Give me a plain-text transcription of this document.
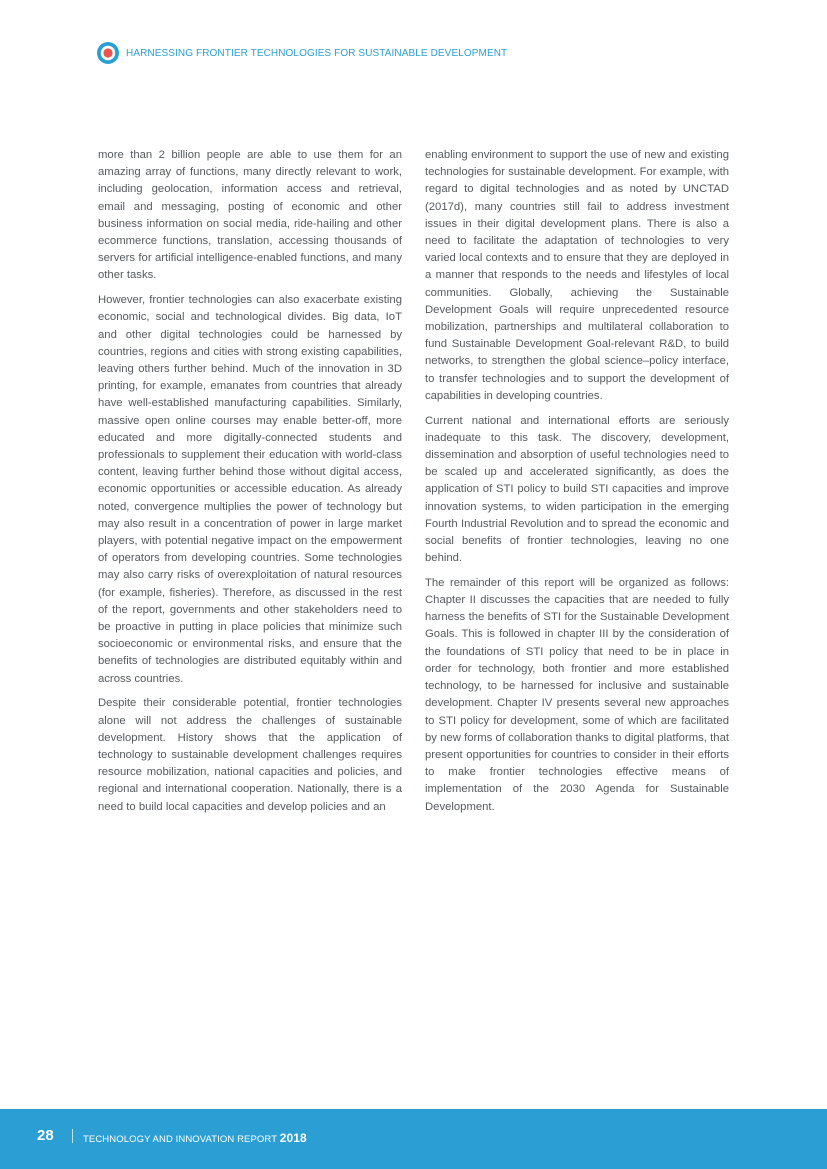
HARNESSING FRONTIER TECHNOLOGIES FOR SUSTAINABLE DEVELOPMENT

more than 2 billion people are able to use them for an amazing array of functions, many directly relevant to work, including geolocation, information access and retrieval, email and messaging, posting of economic and other business information on social media, ride-hailing and other ecommerce functions, translation, accessing thousands of servers for artificial intelligence-enabled functions, and many other tasks.

However, frontier technologies can also exacerbate existing economic, social and technological divides. Big data, IoT and other digital technologies could be harnessed by countries, regions and cities with strong existing capabilities, leaving others further behind. Much of the innovation in 3D printing, for example, emanates from countries that already have well-established manufacturing capabilities. Similarly, massive open online courses may enable better-off, more educated and more digitally-connected students and professionals to supplement their education with world-class content, leaving further behind those without digital access, economic opportunities or accessible education. As already noted, convergence multiplies the power of technology but may also result in a concentration of power in large market players, with potential negative impact on the empowerment of operators from developing countries. Some technologies may also carry risks of overexploitation of natural resources (for example, fisheries). Therefore, as discussed in the rest of the report, governments and other stakeholders need to be proactive in putting in place policies that minimize such socioeconomic or environmental risks, and ensure that the benefits of technologies are distributed equitably within and across countries.

Despite their considerable potential, frontier technologies alone will not address the challenges of sustainable development. History shows that the application of technology to sustainable development challenges requires resource mobilization, national capacities and policies, and regional and international cooperation. Nationally, there is a need to build local capacities and develop policies and an

enabling environment to support the use of new and existing technologies for sustainable development. For example, with regard to digital technologies and as noted by UNCTAD (2017d), many countries still fail to address investment issues in their digital development plans. There is also a need to facilitate the adaptation of technologies to very varied local contexts and to ensure that they are deployed in a manner that responds to the needs and lifestyles of local communities. Globally, achieving the Sustainable Development Goals will require unprecedented resource mobilization, partnerships and multilateral collaboration to fund Sustainable Development Goal-relevant R&D, to build networks, to strengthen the global science–policy interface, to transfer technologies and to support the development of capabilities in developing countries.

Current national and international efforts are seriously inadequate to this task. The discovery, development, dissemination and absorption of useful technologies need to be scaled up and accelerated significantly, as does the application of STI policy to build STI capacities and improve innovation systems, to widen participation in the emerging Fourth Industrial Revolution and to spread the economic and social benefits of frontier technologies, leaving no one behind.

The remainder of this report will be organized as follows: Chapter II discusses the capacities that are needed to fully harness the benefits of STI for the Sustainable Development Goals. This is followed in chapter III by the consideration of the foundations of STI policy that need to be in place in order for technology, both frontier and more established technology, to be harnessed for inclusive and sustainable development. Chapter IV presents several new approaches to STI policy for development, some of which are facilitated by new forms of collaboration thanks to digital platforms, that present opportunities for countries to consider in their efforts to make frontier technologies effective means of implementation of the 2030 Agenda for Sustainable Development.

28	TECHNOLOGY AND INNOVATION REPORT 2018
